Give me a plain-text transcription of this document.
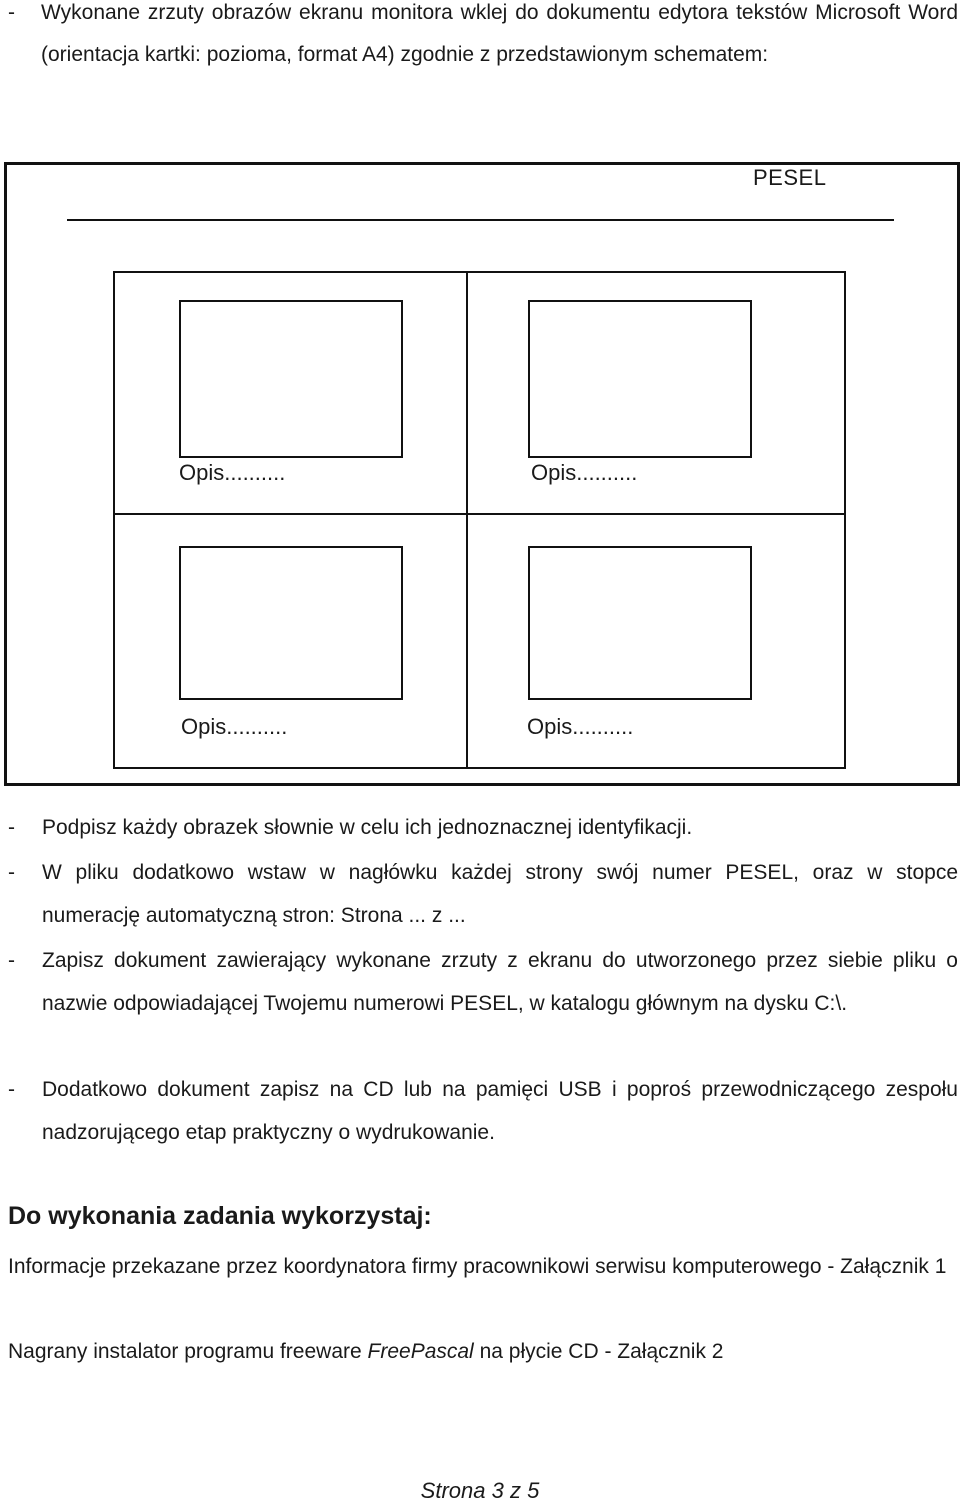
-	Wykonane zrzuty obrazów ekranu monitora wklej do dokumentu edytora tekstów Microsoft Word (orientacja kartki: pozioma, format A4) zgodnie z przedstawionym schematem:
PESEL
Opis..........	Opis..........
Opis..........	Opis..........
-	Podpisz każdy obrazek słownie w celu ich jednoznacznej identyfikacji.
-	W pliku dodatkowo wstaw w nagłówku każdej strony swój numer PESEL, oraz w stopce numerację automatyczną stron: Strona ... z ...
-	Zapisz dokument zawierający wykonane zrzuty z ekranu do utworzonego przez siebie pliku o nazwie odpowiadającej Twojemu numerowi PESEL, w katalogu głównym na dysku C:\.
-	Dodatkowo dokument zapisz na CD lub na pamięci USB i poproś przewodniczącego zespołu nadzorującego etap praktyczny o wydrukowanie.
Do wykonania zadania wykorzystaj:
Informacje przekazane przez koordynatora firmy pracownikowi serwisu komputerowego - Załącznik 1
Nagrany instalator programu freeware FreePascal na płycie CD - Załącznik 2
Strona 3 z 5
